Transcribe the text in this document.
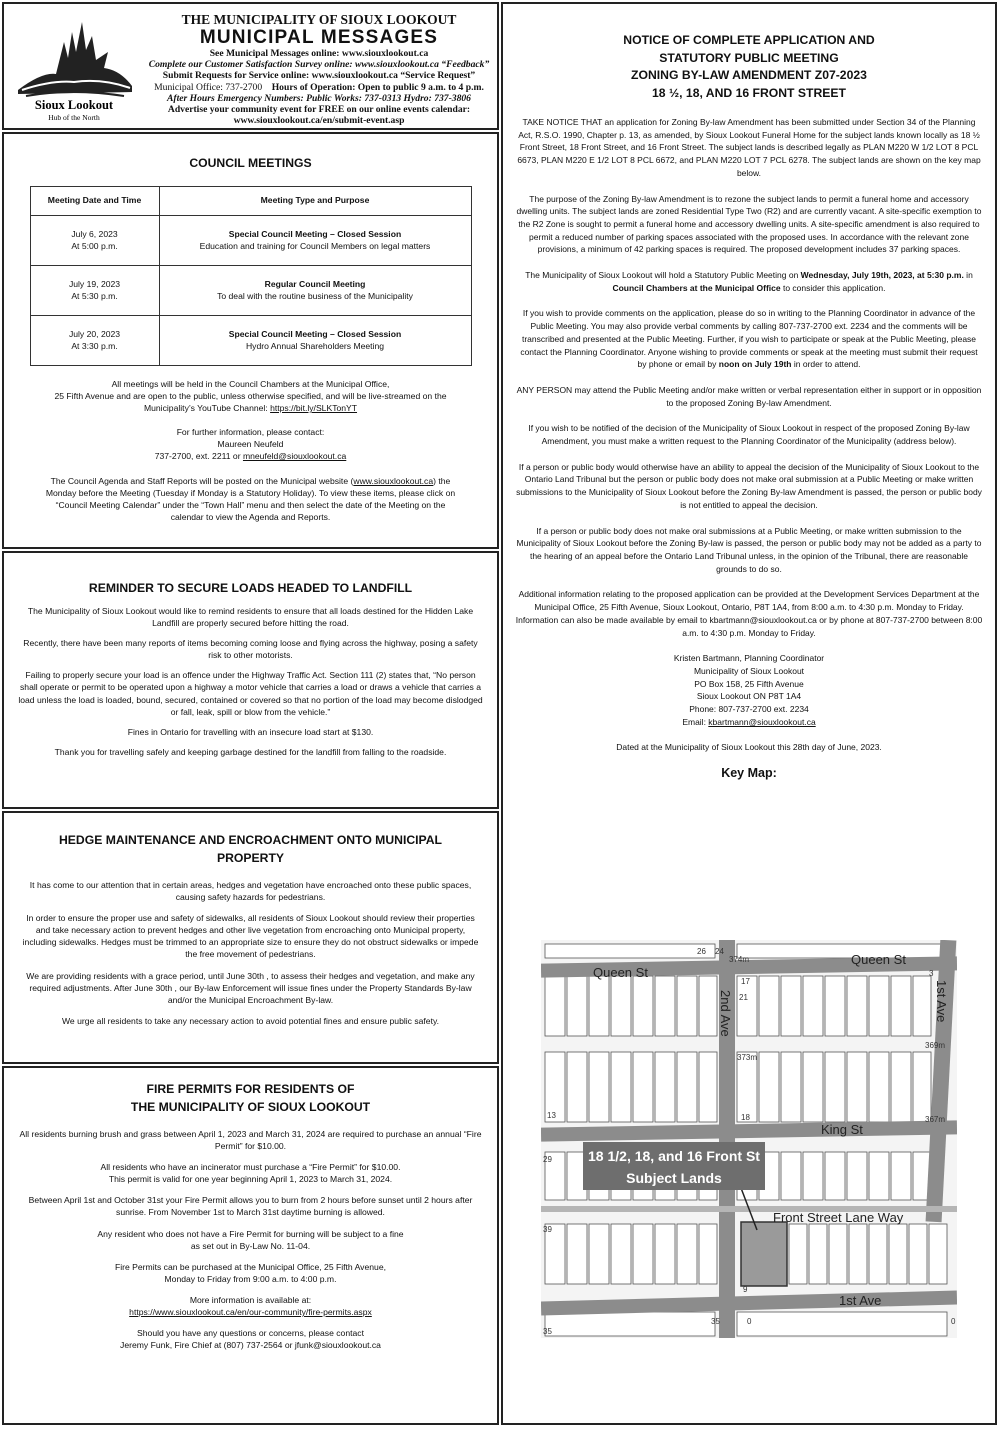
Sioux Lookout
Hub of the North
THE MUNICIPALITY OF SIOUX LOOKOUT
MUNICIPAL MESSAGES
See Municipal Messages online: www.siouxlookout.ca
Complete our Customer Satisfaction Survey online: www.siouxlookout.ca “Feedback”
Submit Requests for Service online: www.siouxlookout.ca “Service Request”
Municipal Office: 737-2700 Hours of Operation: Open to public 9 a.m. to 4 p.m.
After Hours Emergency Numbers: Public Works: 737-0313 Hydro: 737-3806
Advertise your community event for FREE on our online events calendar:
www.siouxlookout.ca/en/submit-event.asp
COUNCIL MEETINGS
Meeting Date and Time	Meeting Type and Purpose
July 6, 2023
At 5:00 p.m.	Special Council Meeting – Closed Session
Education and training for Council Members on legal matters
July 19, 2023
At 5:30 p.m.	Regular Council Meeting
To deal with the routine business of the Municipality
July 20, 2023
At 3:30 p.m.	Special Council Meeting – Closed Session
Hydro Annual Shareholders Meeting

All meetings will be held in the Council Chambers at the Municipal Office,
25 Fifth Avenue and are open to the public, unless otherwise specified, and will be live-streamed on the
Municipality’s YouTube Channel: https://bit.ly/SLKTonYT

For further information, please contact:
Maureen Neufeld
737-2700, ext. 2211 or mneufeld@siouxlookout.ca

The Council Agenda and Staff Reports will be posted on the Municipal website (www.siouxlookout.ca) the
Monday before the Meeting (Tuesday if Monday is a Statutory Holiday). To view these items, please click on
“Council Meeting Calendar” under the “Town Hall” menu and then select the date of the Meeting on the
calendar to view the Agenda and Reports.

REMINDER TO SECURE LOADS HEADED TO LANDFILL

The Municipality of Sioux Lookout would like to remind residents to ensure that all loads destined for the Hidden Lake Landfill are properly secured before hitting the road.

Recently, there have been many reports of items becoming coming loose and flying across the highway, posing a safety risk to other motorists.

Failing to properly secure your load is an offence under the Highway Traffic Act. Section 111 (2) states that, “No person shall operate or permit to be operated upon a highway a motor vehicle that carries a load or draws a vehicle that carries a load unless the load is loaded, bound, secured, contained or covered so that no portion of the load may become dislodged or fall, leak, spill or blow from the vehicle.”

Fines in Ontario for travelling with an insecure load start at $130.

Thank you for travelling safely and keeping garbage destined for the landfill from falling to the roadside.

HEDGE MAINTENANCE AND ENCROACHMENT ONTO MUNICIPAL PROPERTY

It has come to our attention that in certain areas, hedges and vegetation have encroached onto these public spaces, causing safety hazards for pedestrians.

In order to ensure the proper use and safety of sidewalks, all residents of Sioux Lookout should review their properties and take necessary action to prevent hedges and other live vegetation from encroaching onto Municipal property, including sidewalks. Hedges must be trimmed to an appropriate size to ensure they do not obstruct sidewalks or impede the free movement of pedestrians.

We are providing residents with a grace period, until June 30th , to assess their hedges and vegetation, and make any required adjustments. After June 30th , our By-law Enforcement will issue fines under the Property Standards By-law and/or the Municipal Encroachment By-law.

We urge all residents to take any necessary action to avoid potential fines and ensure public safety.

FIRE PERMITS FOR RESIDENTS OF
THE MUNICIPALITY OF SIOUX LOOKOUT

All residents burning brush and grass between April 1, 2023 and March 31, 2024 are required to purchase an annual “Fire Permit” for $10.00.

All residents who have an incinerator must purchase a “Fire Permit” for $10.00.
This permit is valid for one year beginning April 1, 2023 to March 31, 2024.

Between April 1st and October 31st your Fire Permit allows you to burn from 2 hours before sunset until 2 hours after sunrise. From November 1st to March 31st daytime burning is allowed.

Any resident who does not have a Fire Permit for burning will be subject to a fine
as set out in By-Law No. 11-04.

Fire Permits can be purchased at the Municipal Office, 25 Fifth Avenue,
Monday to Friday from 9:00 a.m. to 4:00 p.m.

More information is available at:
https://www.siouxlookout.ca/en/our-community/fire-permits.aspx

Should you have any questions or concerns, please contact
Jeremy Funk, Fire Chief at (807) 737-2564 or jfunk@siouxlookout.ca

NOTICE OF COMPLETE APPLICATION AND
STATUTORY PUBLIC MEETING
ZONING BY-LAW AMENDMENT Z07-2023
18 ½, 18, AND 16 FRONT STREET

TAKE NOTICE THAT an application for Zoning By-law Amendment has been submitted under Section 34 of the Planning Act, R.S.O. 1990, Chapter p. 13, as amended, by Sioux Lookout Funeral Home for the subject lands known locally as 18 ½ Front Street, 18 Front Street, and 16 Front Street. The subject lands is described legally as PLAN M220 W 1/2 LOT 8 PCL 6673, PLAN M220 E 1/2 LOT 8 PCL 6672, and PLAN M220 LOT 7 PCL 6278. The subject lands are shown on the key map below.

The purpose of the Zoning By-law Amendment is to rezone the subject lands to permit a funeral home and accessory dwelling units. The subject lands are zoned Residential Type Two (R2) and are currently vacant. A site-specific exemption to the R2 Zone is sought to permit a funeral home and accessory dwelling units. A site-specific amendment is also required to permit a reduced number of parking spaces associated with the proposed uses. In accordance with the relevant zone provisions, a minimum of 42 parking spaces is required. The proposed development includes 37 parking spaces.

The Municipality of Sioux Lookout will hold a Statutory Public Meeting on Wednesday, July 19th, 2023, at 5:30 p.m. in Council Chambers at the Municipal Office to consider this application.

If you wish to provide comments on the application, please do so in writing to the Planning Coordinator in advance of the Public Meeting. You may also provide verbal comments by calling 807-737-2700 ext. 2234 and the comments will be transcribed and presented at the Public Meeting. Further, if you wish to participate or speak at the Public Meeting, please contact the Planning Coordinator. Anyone wishing to provide comments or speak at the meeting must submit their request by phone or email by noon on July 19th in order to attend.

ANY PERSON may attend the Public Meeting and/or make written or verbal representation either in support or in opposition to the proposed Zoning By-law Amendment.

If you wish to be notified of the decision of the Municipality of Sioux Lookout in respect of the proposed Zoning By-law Amendment, you must make a written request to the Planning Coordinator of the Municipality (address below).

If a person or public body would otherwise have an ability to appeal the decision of the Municipality of Sioux Lookout to the Ontario Land Tribunal but the person or public body does not make oral submission at a Public Meeting or make written submissions to the Municipality of Sioux Lookout before the Zoning By-law Amendment is passed, the person or public body is not entitled to appeal the decision.

If a person or public body does not make oral submissions at a Public Meeting, or make written submission to the Municipality of Sioux Lookout before the Zoning By-law is passed, the person or public body may not be added as a party to the hearing of an appeal before the Ontario Land Tribunal unless, in the opinion of the Tribunal, there are reasonable grounds to do so.

Additional information relating to the proposed application can be provided at the Development Services Department at the Municipal Office, 25 Fifth Avenue, Sioux Lookout, Ontario, P8T 1A4, from 8:00 a.m. to 4:30 p.m. Monday to Friday. Information can also be made available by email to kbartmann@siouxlookout.ca or by phone at 807-737-2700 between 8:00 a.m. to 4:30 p.m. Monday to Friday.

Kristen Bartmann, Planning Coordinator
Municipality of Sioux Lookout
PO Box 158, 25 Fifth Avenue
Sioux Lookout ON P8T 1A4
Phone: 807-737-2700 ext. 2234
Email: kbartmann@siouxlookout.ca

Dated at the Municipality of Sioux Lookout this 28th day of June, 2023.

Key Map:
Queen St
Queen St
2nd Ave	1st Ave
King St
Front Street Lane Way
1st Ave
26 24
374m
17
21
3
369m
373m
367m
29
13	18
39
9
35
35	0	0
18 1/2, 18, and 16 Front St
Subject Lands
